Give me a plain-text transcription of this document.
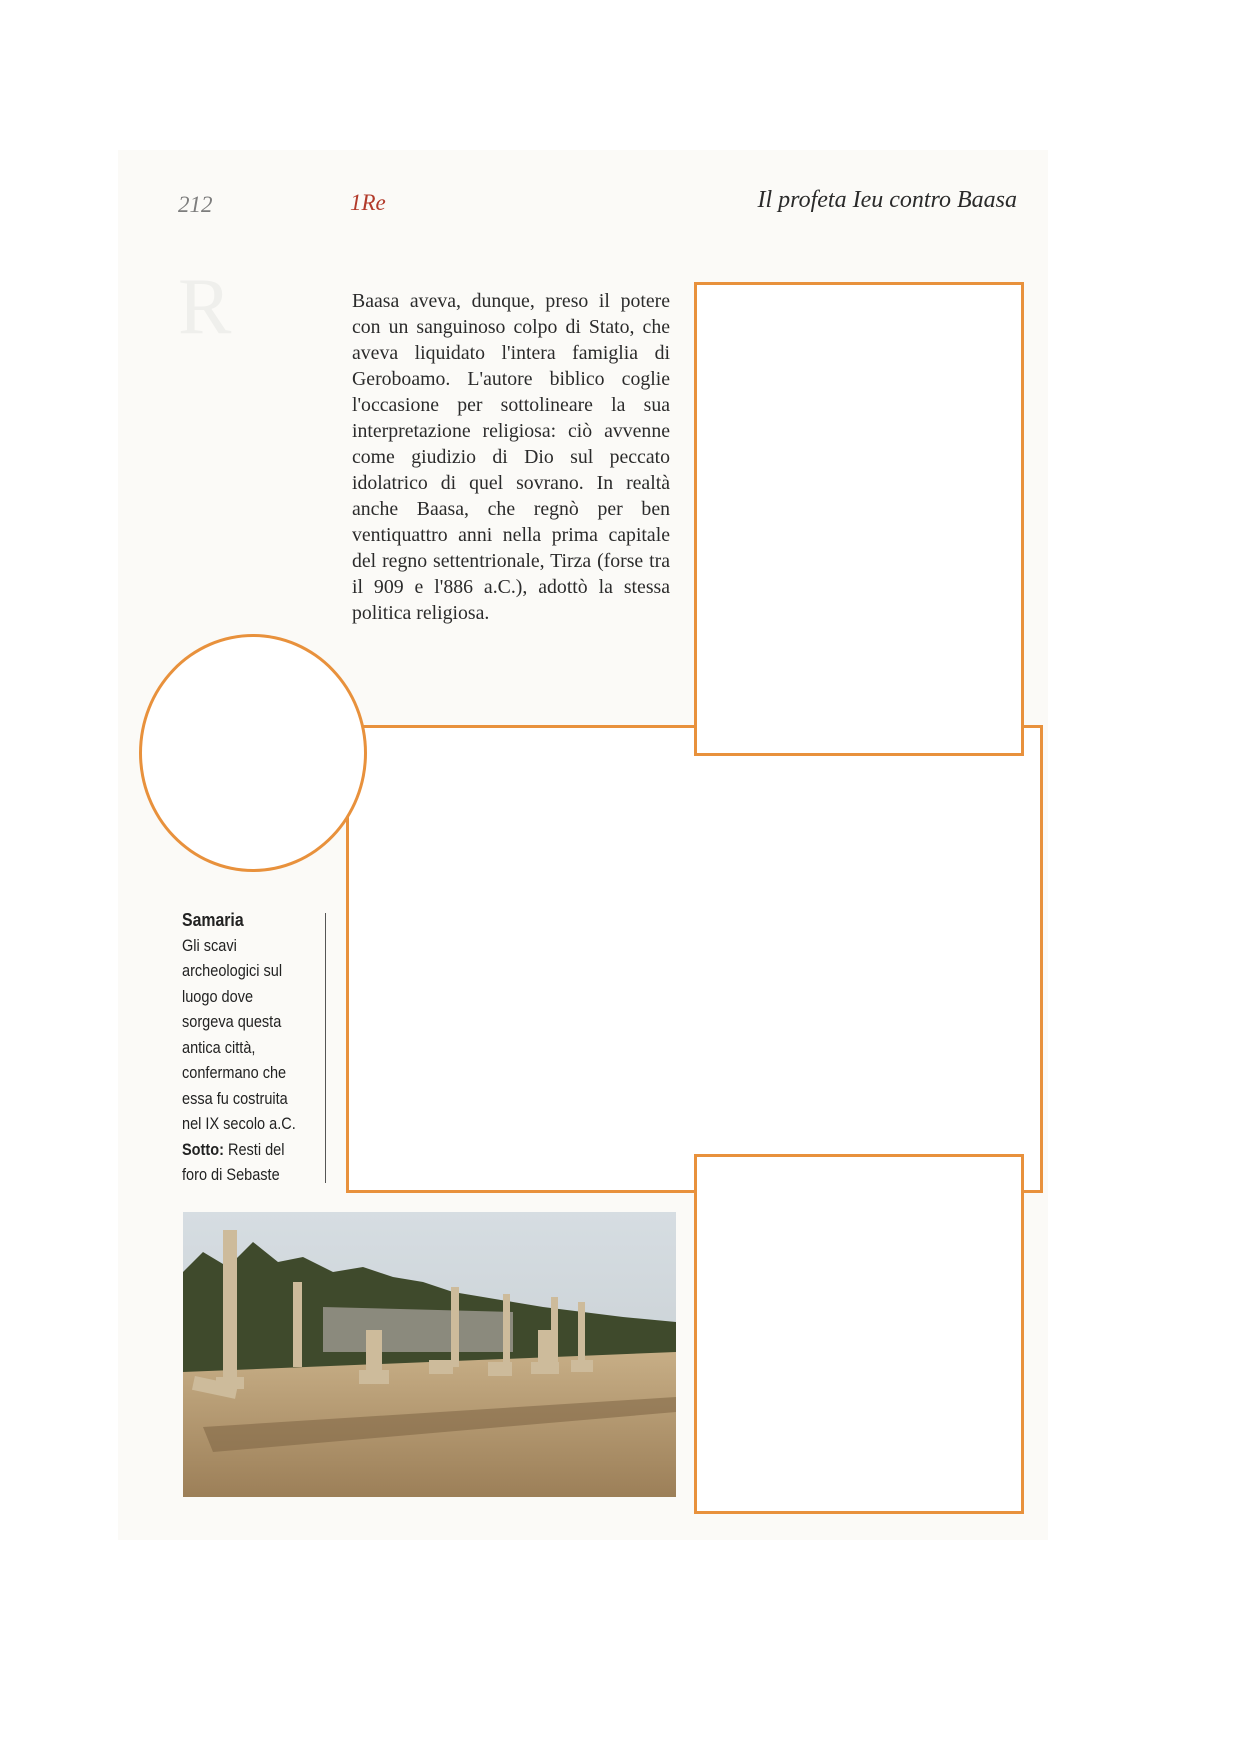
212	1Re	Il profeta Ieu contro Baasa
R	Baasa aveva, dunque, preso il potere con un sanguinoso colpo di Stato, che aveva liquidato l'intera famiglia di Geroboamo. L'autore biblico coglie l'occasione per sottolineare la sua interpretazione religiosa: ciò avvenne come giudizio di Dio sul peccato idolatrico di quel sovrano. In realtà anche Baasa, che regnò per ben ventiquattro anni nella prima capitale del regno settentrionale, Tirza (forse tra il 909 e l'886 a.C.), adottò la stessa politica religiosa.

Samaria
Gli scavi archeologici sul luogo dove sorgeva questa antica città, confermano che essa fu costruita nel IX secolo a.C. Sotto: Resti del foro di Sebaste
